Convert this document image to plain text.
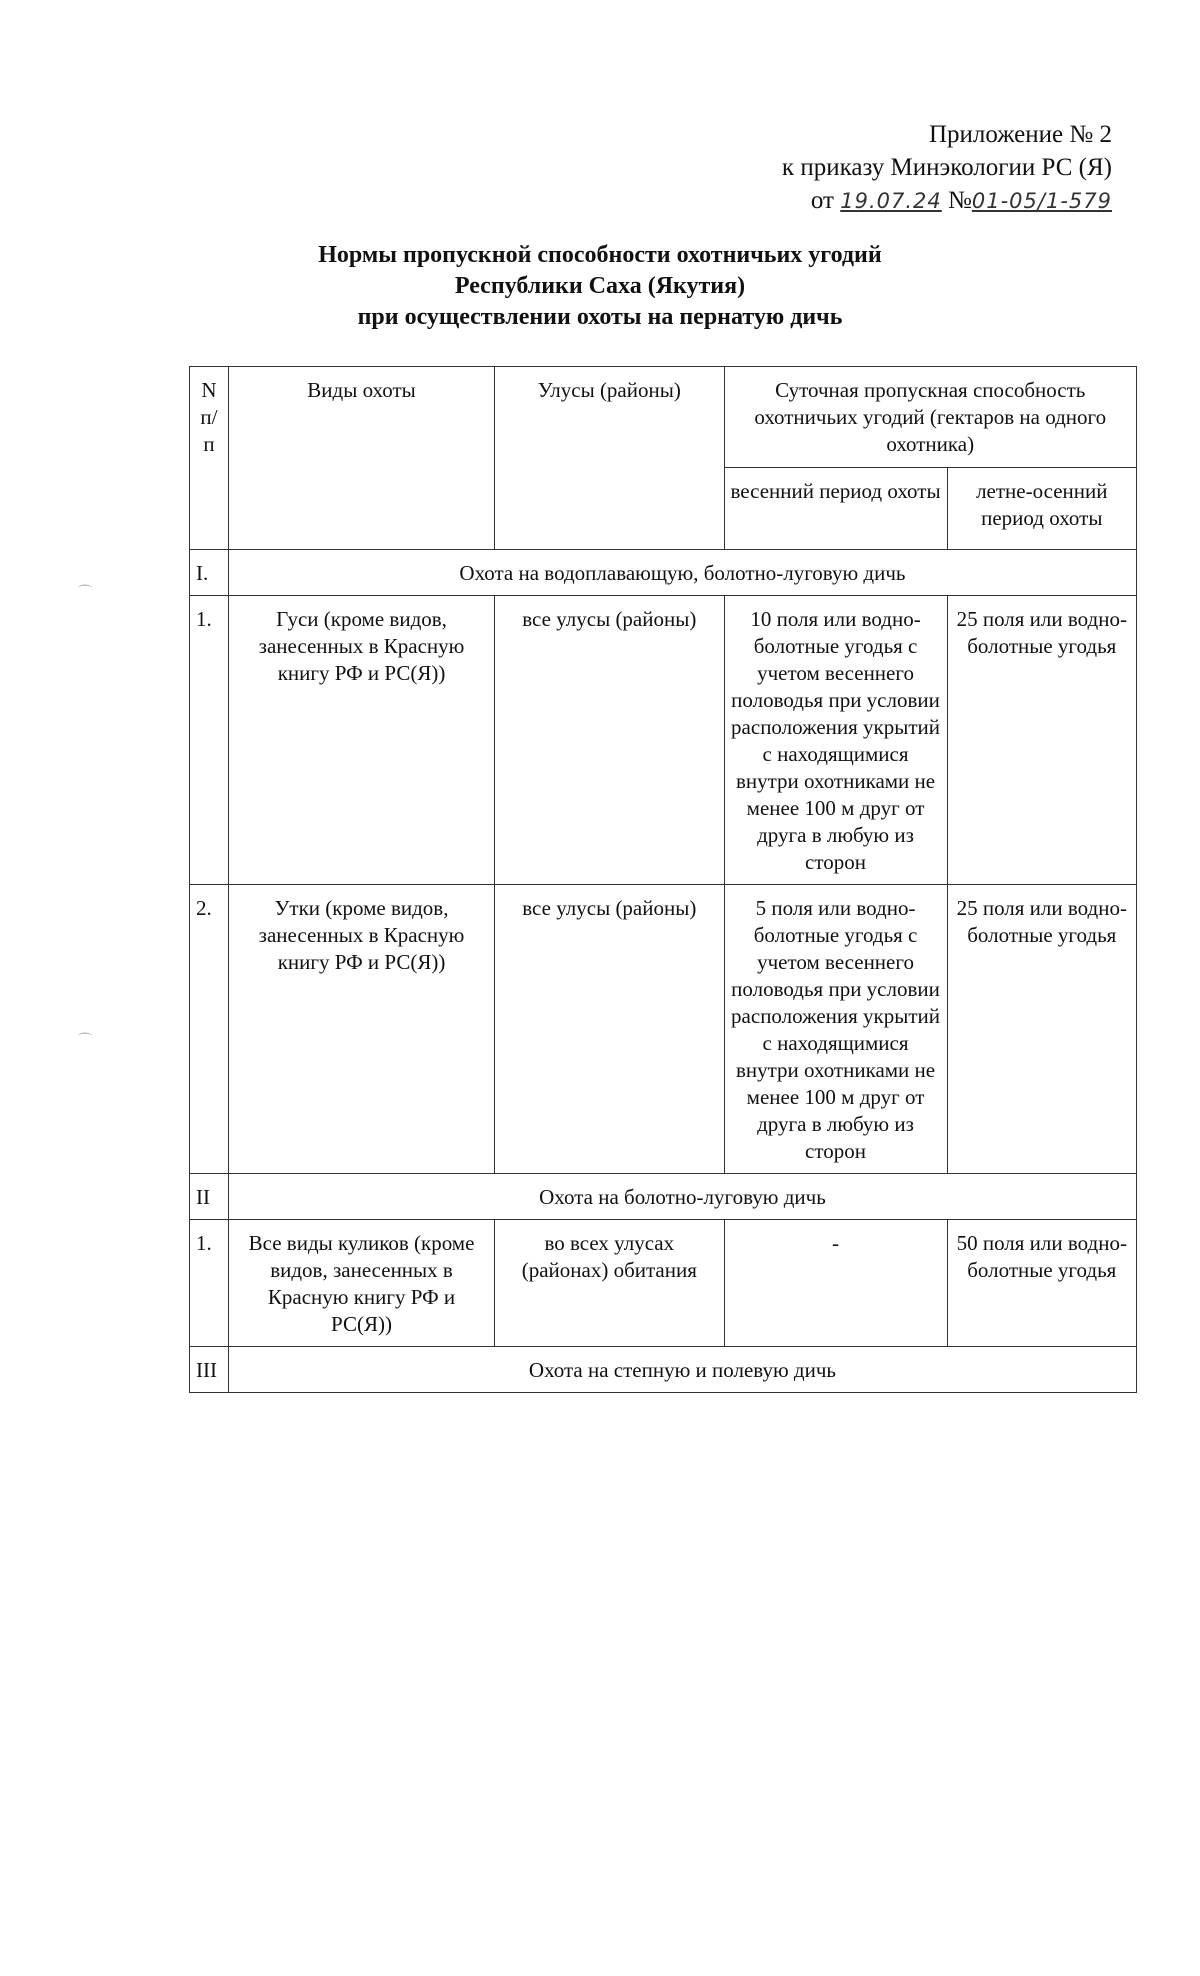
⌒
⌒
Приложение № 2
к приказу Минэкологии РС (Я)
от 19.07.24 №01-05/1-579
Нормы пропускной способности охотничьих угодий
Республики Саха (Якутия)
при осуществлении охоты на пернатую дичь
N п/п	Виды охоты	Улусы (районы)	Суточная пропускная способность охотничьих угодий (гектаров на одного охотника)	
			весенний период охоты	летне-осенний период охоты
I.	Охота на водоплавающую, болотно-луговую дичь			
1.	Гуси (кроме видов, занесенных в Красную книгу РФ и РС(Я))	все улусы (районы)	10 поля или водно-болотные угодья с учетом весеннего половодья при условии расположения укрытий с находящимися внутри охотниками не менее 100 м друг от друга в любую из сторон	25 поля или водно-болотные угодья
2.	Утки (кроме видов, занесенных в Красную книгу РФ и РС(Я))	все улусы (районы)	5 поля или водно-болотные угодья с учетом весеннего половодья при условии расположения укрытий с находящимися внутри охотниками не менее 100 м друг от друга в любую из сторон	25 поля или водно-болотные угодья
II	Охота на болотно-луговую дичь			
1.	Все виды куликов (кроме видов, занесенных в Красную книгу РФ и РС(Я))	во всех улусах (районах) обитания	-	50 поля или водно-болотные угодья
III	Охота на степную и полевую дичь			
